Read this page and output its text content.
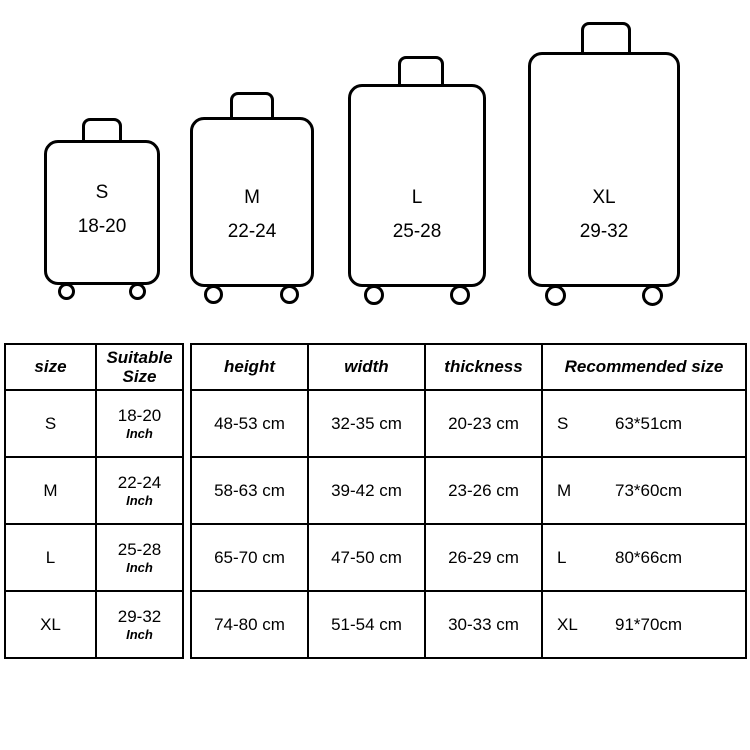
S
18-20
M
22-24
L
25-28
XL
29-32
size	Suitable
Size

S	18-20
Inch

M	22-24
Inch

L	25-28
Inch

XL	29-32
Inch
height	width	thickness	Recommended size
48-53 cm	32-35 cm	20-23 cm	S 63*51cm

58-63 cm	39-42 cm	23-26 cm	M 73*60cm

65-70 cm	47-50 cm	26-29 cm	L 80*66cm

74-80 cm	51-54 cm	30-33 cm	XL 91*70cm
